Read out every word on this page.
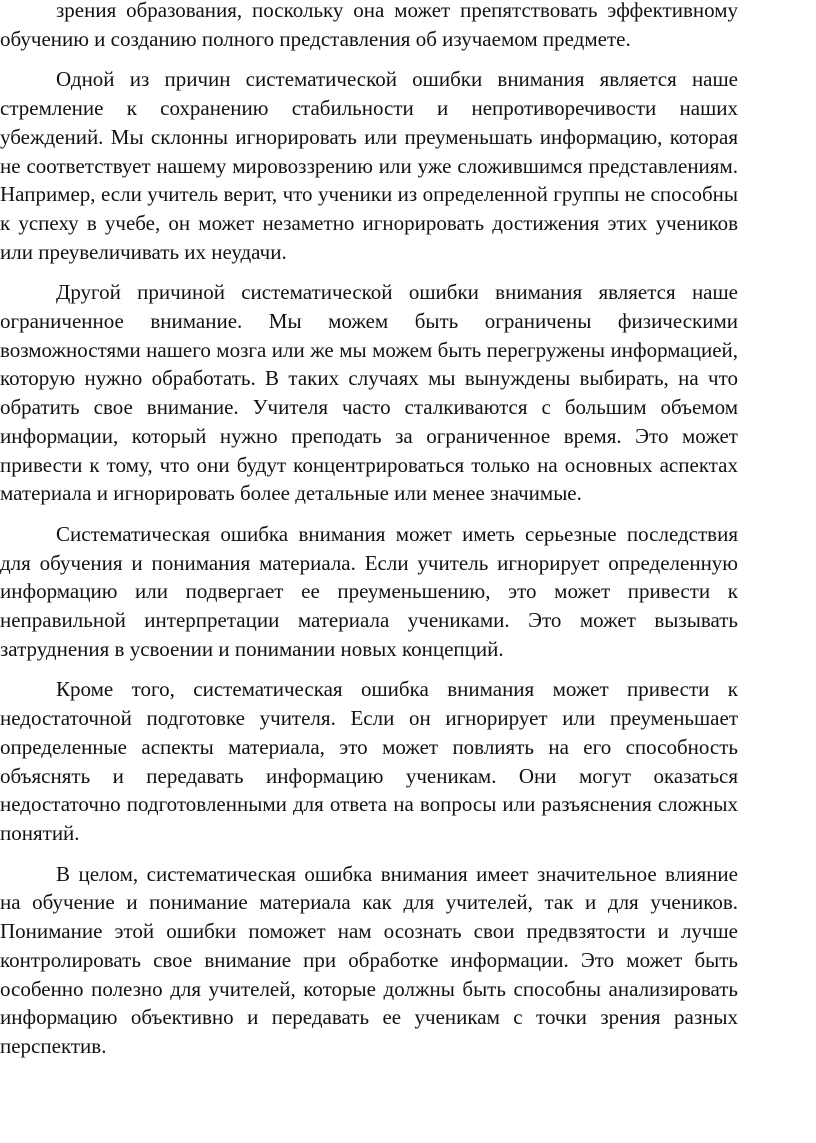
зрения образования, поскольку она может препятствовать эффективному обучению и созданию полного представления об изучаемом предмете.

Одной из причин систематической ошибки внимания является наше стремление к сохранению стабильности и непротиворечивости наших убеждений. Мы склонны игнорировать или преуменьшать информацию, которая не соответствует нашему мировоззрению или уже сложившимся представлениям. Например, если учитель верит, что ученики из определенной группы не способны к успеху в учебе, он может незаметно игнорировать достижения этих учеников или преувеличивать их неудачи.

Другой причиной систематической ошибки внимания является наше ограниченное внимание. Мы можем быть ограничены физическими возможностями нашего мозга или же мы можем быть перегружены информацией, которую нужно обработать. В таких случаях мы вынуждены выбирать, на что обратить свое внимание. Учителя часто сталкиваются с большим объемом информации, который нужно преподать за ограниченное время. Это может привести к тому, что они будут концентрироваться только на основных аспектах материала и игнорировать более детальные или менее значимые.

Систематическая ошибка внимания может иметь серьезные последствия для обучения и понимания материала. Если учитель игнорирует определенную информацию или подвергает ее преуменьшению, это может привести к неправильной интерпретации материала учениками. Это может вызывать затруднения в усвоении и понимании новых концепций.

Кроме того, систематическая ошибка внимания может привести к недостаточной подготовке учителя. Если он игнорирует или преуменьшает определенные аспекты материала, это может повлиять на его способность объяснять и передавать информацию ученикам. Они могут оказаться недостаточно подготовленными для ответа на вопросы или разъяснения сложных понятий.

В целом, систематическая ошибка внимания имеет значительное влияние на обучение и понимание материала как для учителей, так и для учеников. Понимание этой ошибки поможет нам осознать свои предвзятости и лучше контролировать свое внимание при обработке информации. Это может быть особенно полезно для учителей, которые должны быть способны анализировать информацию объективно и передавать ее ученикам с точки зрения разных перспектив.
